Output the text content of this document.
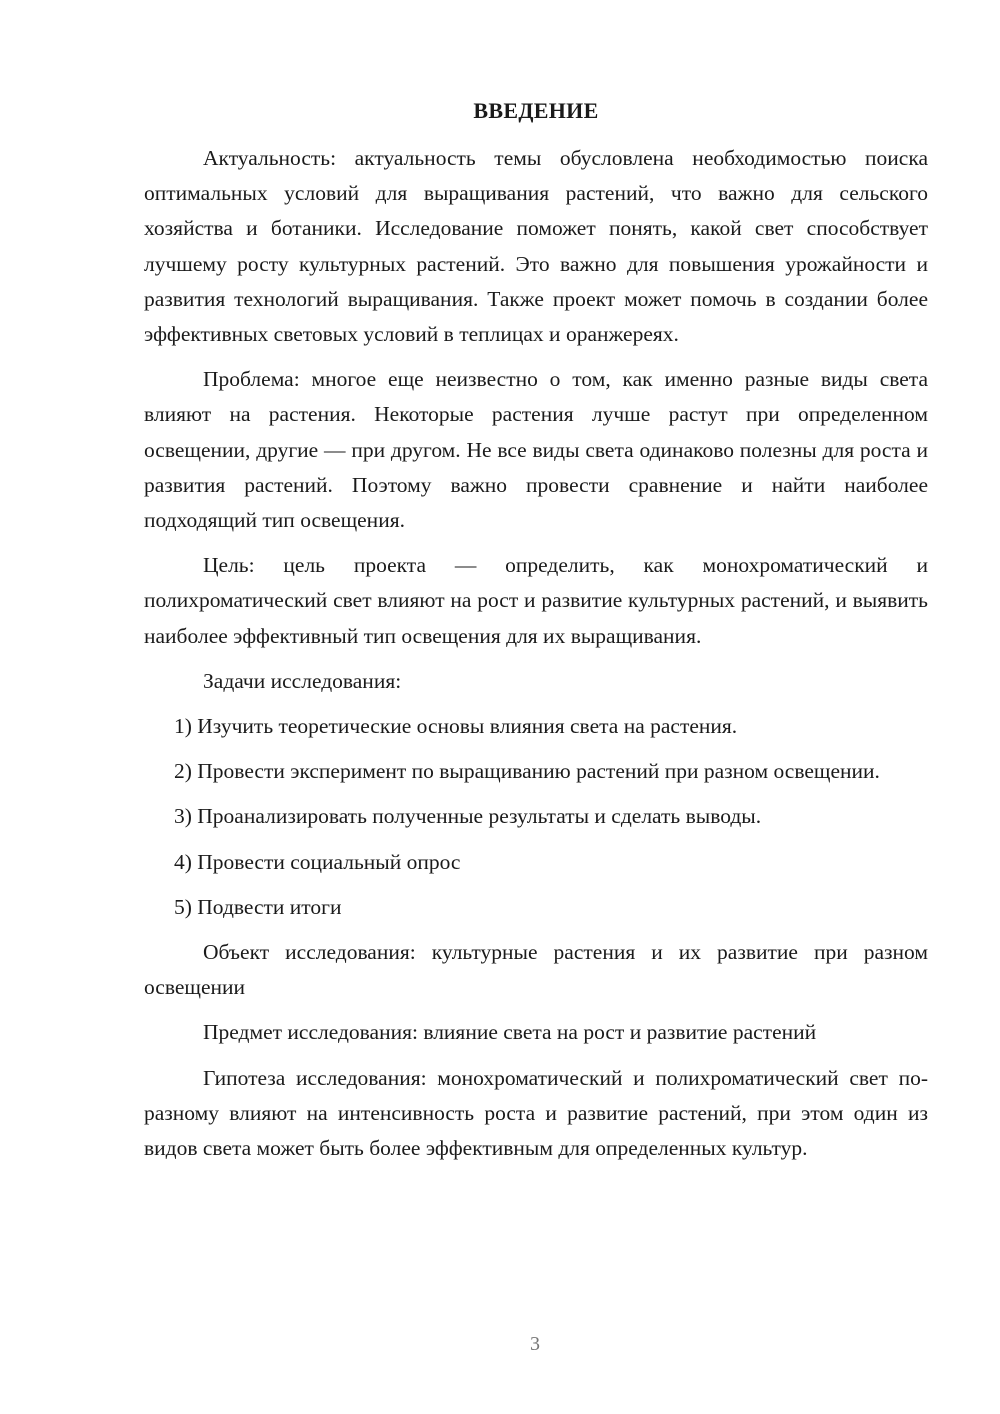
ВВЕДЕНИЕ

Актуальность: актуальность темы обусловлена необходимостью поиска оптимальных условий для выращивания растений, что важно для сельского хозяйства и ботаники. Исследование поможет понять, какой свет способствует лучшему росту культурных растений. Это важно для повышения урожайности и развития технологий выращивания. Также проект может помочь в создании более эффективных световых условий в теплицах и оранжереях.

Проблема: многое еще неизвестно о том, как именно разные виды света влияют на растения. Некоторые растения лучше растут при определенном освещении, другие — при другом. Не все виды света одинаково полезны для роста и развития растений. Поэтому важно провести сравнение и найти наиболее подходящий тип освещения.

Цель: цель проекта — определить, как монохроматический и полихроматический свет влияют на рост и развитие культурных растений, и выявить наиболее эффективный тип освещения для их выращивания.

Задачи исследования:

1) Изучить теоретические основы влияния света на растения.

2) Провести эксперимент по выращиванию растений при разном освещении.

3) Проанализировать полученные результаты и сделать выводы.

4) Провести социальный опрос

5) Подвести итоги

Объект исследования: культурные растения и их развитие при разном освещении

Предмет исследования: влияние света на рост и развитие растений

Гипотеза исследования: монохроматический и полихроматический свет по-разному влияют на интенсивность роста и развитие растений, при этом один из видов света может быть более эффективным для определенных культур.

3
